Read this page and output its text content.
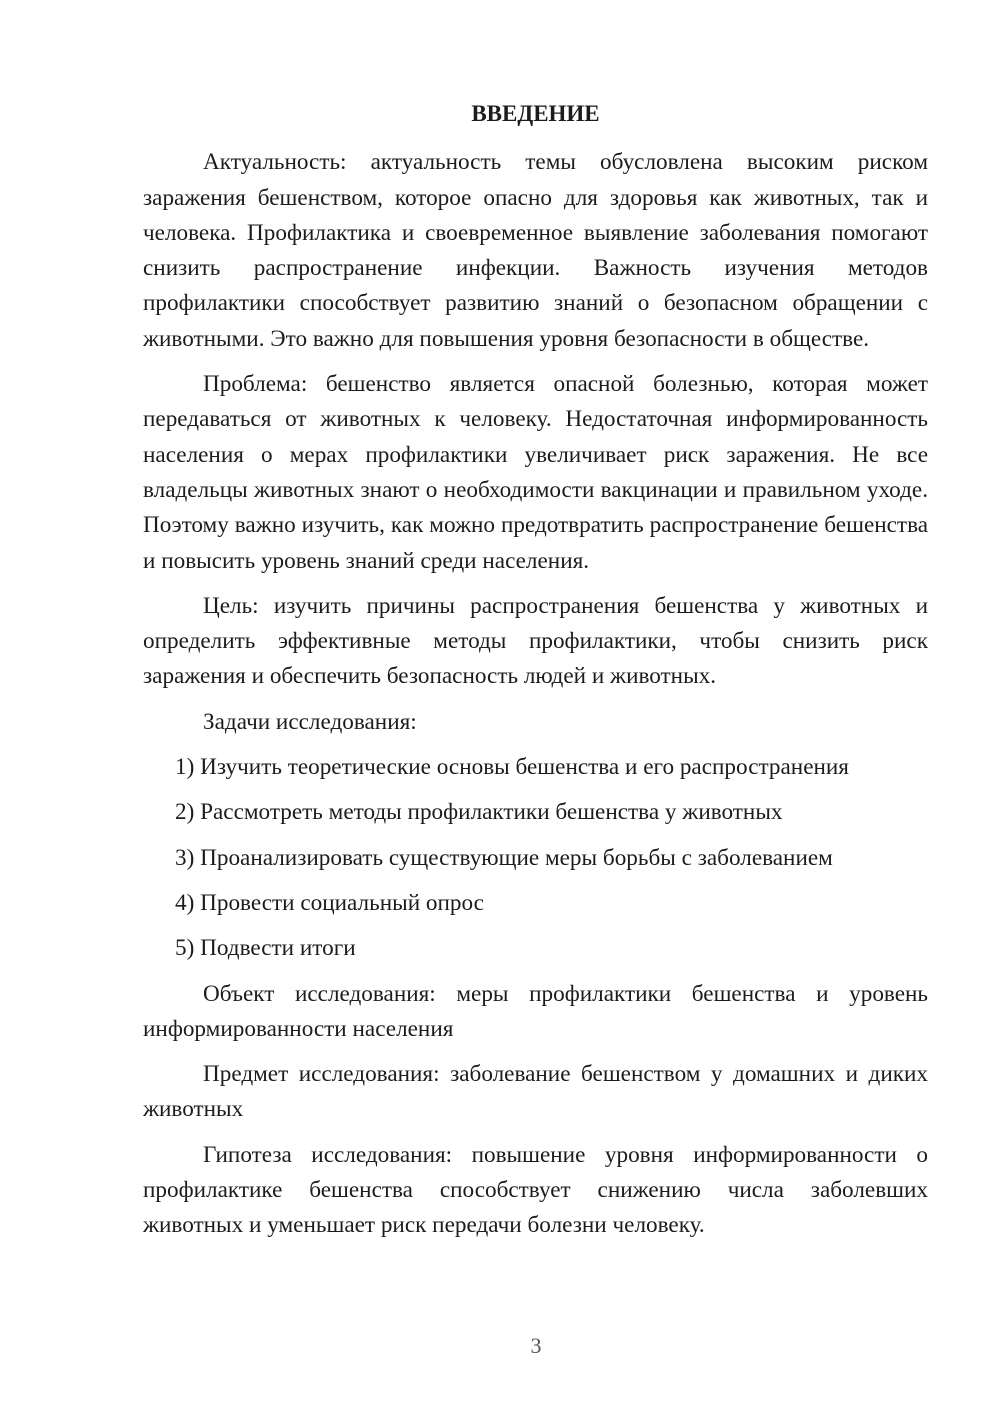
ВВЕДЕНИЕ

Актуальность: актуальность темы обусловлена высоким риском заражения бешенством, которое опасно для здоровья как животных, так и человека. Профилактика и своевременное выявление заболевания помогают снизить распространение инфекции. Важность изучения методов профилактики способствует развитию знаний о безопасном обращении с животными. Это важно для повышения уровня безопасности в обществе.

Проблема: бешенство является опасной болезнью, которая может передаваться от животных к человеку. Недостаточная информированность населения о мерах профилактики увеличивает риск заражения. Не все владельцы животных знают о необходимости вакцинации и правильном уходе. Поэтому важно изучить, как можно предотвратить распространение бешенства и повысить уровень знаний среди населения.

Цель: изучить причины распространения бешенства у животных и определить эффективные методы профилактики, чтобы снизить риск заражения и обеспечить безопасность людей и животных.

Задачи исследования:

1) Изучить теоретические основы бешенства и его распространения
2) Рассмотреть методы профилактики бешенства у животных
3) Проанализировать существующие меры борьбы с заболеванием
4) Провести социальный опрос
5) Подвести итоги

Объект исследования: меры профилактики бешенства и уровень информированности населения

Предмет исследования: заболевание бешенством у домашних и диких животных

Гипотеза исследования: повышение уровня информированности о профилактике бешенства способствует снижению числа заболевших животных и уменьшает риск передачи болезни человеку.

3
